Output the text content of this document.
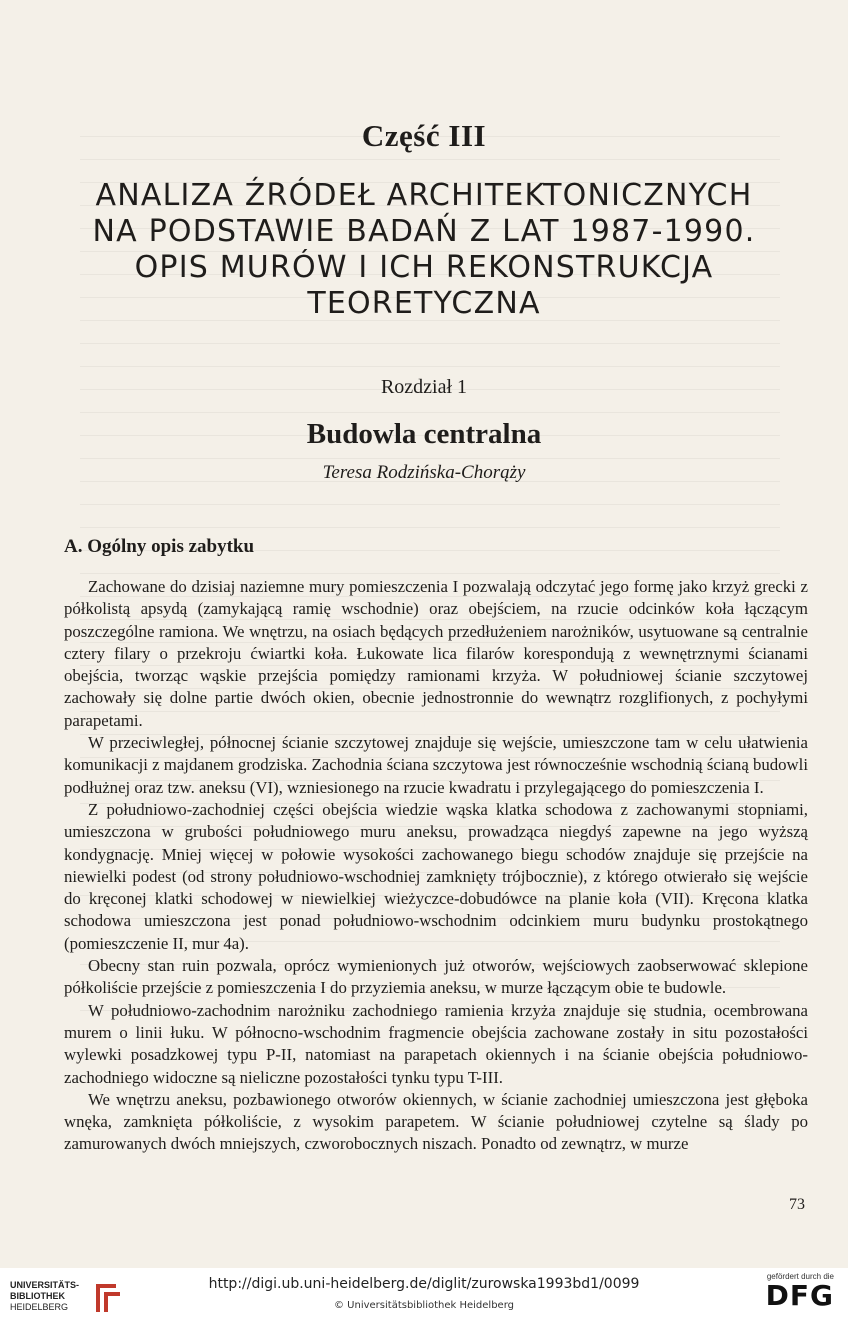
Część III
ANALIZA ŹRÓDEŁ ARCHITEKTONICZNYCH
NA PODSTAWIE BADAŃ Z LAT 1987-1990.
OPIS MURÓW I ICH REKONSTRUKCJA
TEORETYCZNA
Rozdział 1
Budowla centralna
Teresa Rodzińska-Chorąży
A. Ogólny opis zabytku

Zachowane do dzisiaj naziemne mury pomieszczenia I pozwalają odczytać jego formę jako krzyż grecki z półkolistą apsydą (zamykającą ramię wschodnie) oraz obejściem, na rzucie odcinków koła łączącym poszczególne ramiona. We wnętrzu, na osiach będących przedłużeniem narożników, usytuowane są centralnie cztery filary o przekroju ćwiartki koła. Łukowate lica filarów korespondują z wewnętrznymi ścianami obejścia, tworząc wąskie przejścia pomiędzy ramionami krzyża. W południowej ścianie szczytowej zachowały się dolne partie dwóch okien, obecnie jednostronnie do wewnątrz rozglifionych, z pochyłymi parapetami.

W przeciwległej, północnej ścianie szczytowej znajduje się wejście, umieszczone tam w celu ułatwienia komunikacji z majdanem grodziska. Zachodnia ściana szczytowa jest równocześnie wschodnią ścianą budowli podłużnej oraz tzw. aneksu (VI), wzniesionego na rzucie kwadratu i przylegającego do pomieszczenia I.

Z południowo-zachodniej części obejścia wiedzie wąska klatka schodowa z zachowanymi stopniami, umieszczona w grubości południowego muru aneksu, prowadząca niegdyś zapewne na jego wyższą kondygnację. Mniej więcej w połowie wysokości zachowanego biegu schodów znajduje się przejście na niewielki podest (od strony południowo-wschodniej zamknięty trójbocznie), z którego otwierało się wejście do kręconej klatki schodowej w niewielkiej wieżyczce-dobudówce na planie koła (VII). Kręcona klatka schodowa umieszczona jest ponad południowo-wschodnim odcinkiem muru budynku prostokątnego (pomieszczenie II, mur 4a).

Obecny stan ruin pozwala, oprócz wymienionych już otworów, wejściowych zaobserwować sklepione półkoliście przejście z pomieszczenia I do przyziemia aneksu, w murze łączącym obie te budowle.

W południowo-zachodnim narożniku zachodniego ramienia krzyża znajduje się studnia, ocembrowana murem o linii łuku. W północno-wschodnim fragmencie obejścia zachowane zostały in situ pozostałości wylewki posadzkowej typu P-II, natomiast na parapetach okiennych i na ścianie obejścia południowo-zachodniego widoczne są nieliczne pozostałości tynku typu T-III.

We wnętrzu aneksu, pozbawionego otworów okiennych, w ścianie zachodniej umieszczona jest głęboka wnęka, zamknięta półkoliście, z wysokim parapetem. W ścianie południowej czytelne są ślady po zamurowanych dwóch mniejszych, czworobocznych niszach. Ponadto od zewnątrz, w murze

73
UNIVERSITÄTS-
BIBLIOTHEK
HEIDELBERG
http://digi.ub.uni-heidelberg.de/diglit/zurowska1993bd1/0099
© Universitätsbibliothek Heidelberg
gefördert durch die
DFG
